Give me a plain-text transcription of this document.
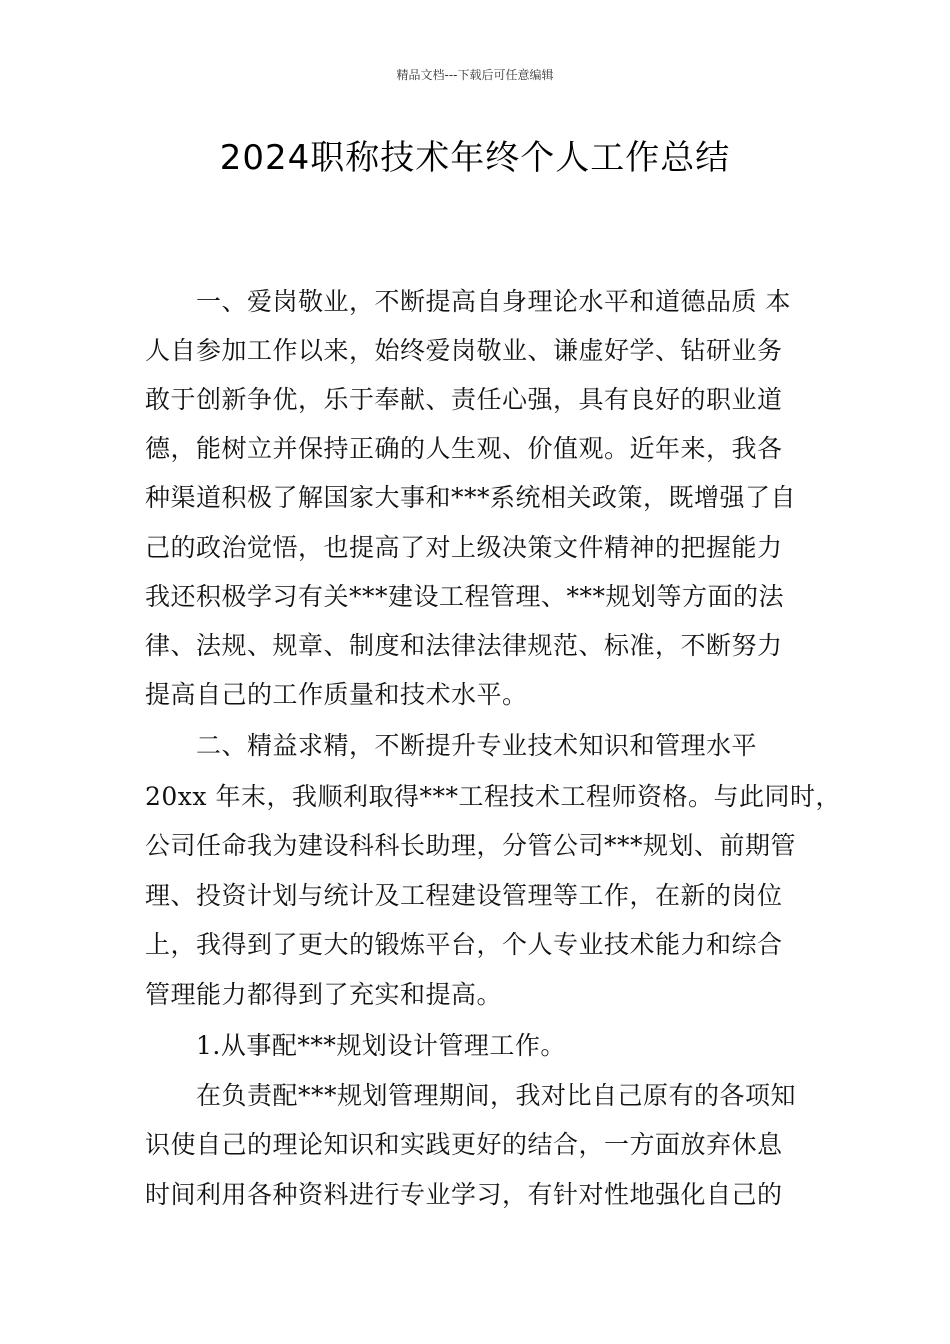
精品文档---下载后可任意编辑
2024职称技术年终个人工作总结
一、爱岗敬业，不断提高自身理论水平和道德品质 本
人自参加工作以来，始终爱岗敬业、谦虚好学、钻研业务
敢于创新争优，乐于奉献、责任心强，具有良好的职业道
德，能树立并保持正确的人生观、价值观。近年来，我各
种渠道积极了解国家大事和***系统相关政策，既增强了自
己的政治觉悟，也提高了对上级决策文件精神的把握能力
我还积极学习有关***建设工程管理、***规划等方面的法
律、法规、规章、制度和法律法律规范、标准，不断努力
提高自己的工作质量和技术水平。
二、精益求精，不断提升专业技术知识和管理水平
20xx 年末，我顺利取得***工程技术工程师资格。与此同时，
公司任命我为建设科科长助理，分管公司***规划、前期管
理、投资计划与统计及工程建设管理等工作，在新的岗位
上，我得到了更大的锻炼平台，个人专业技术能力和综合
管理能力都得到了充实和提高。
1.从事配***规划设计管理工作。
在负责配***规划管理期间，我对比自己原有的各项知
识使自己的理论知识和实践更好的结合，一方面放弃休息
时间利用各种资料进行专业学习，有针对性地强化自己的
